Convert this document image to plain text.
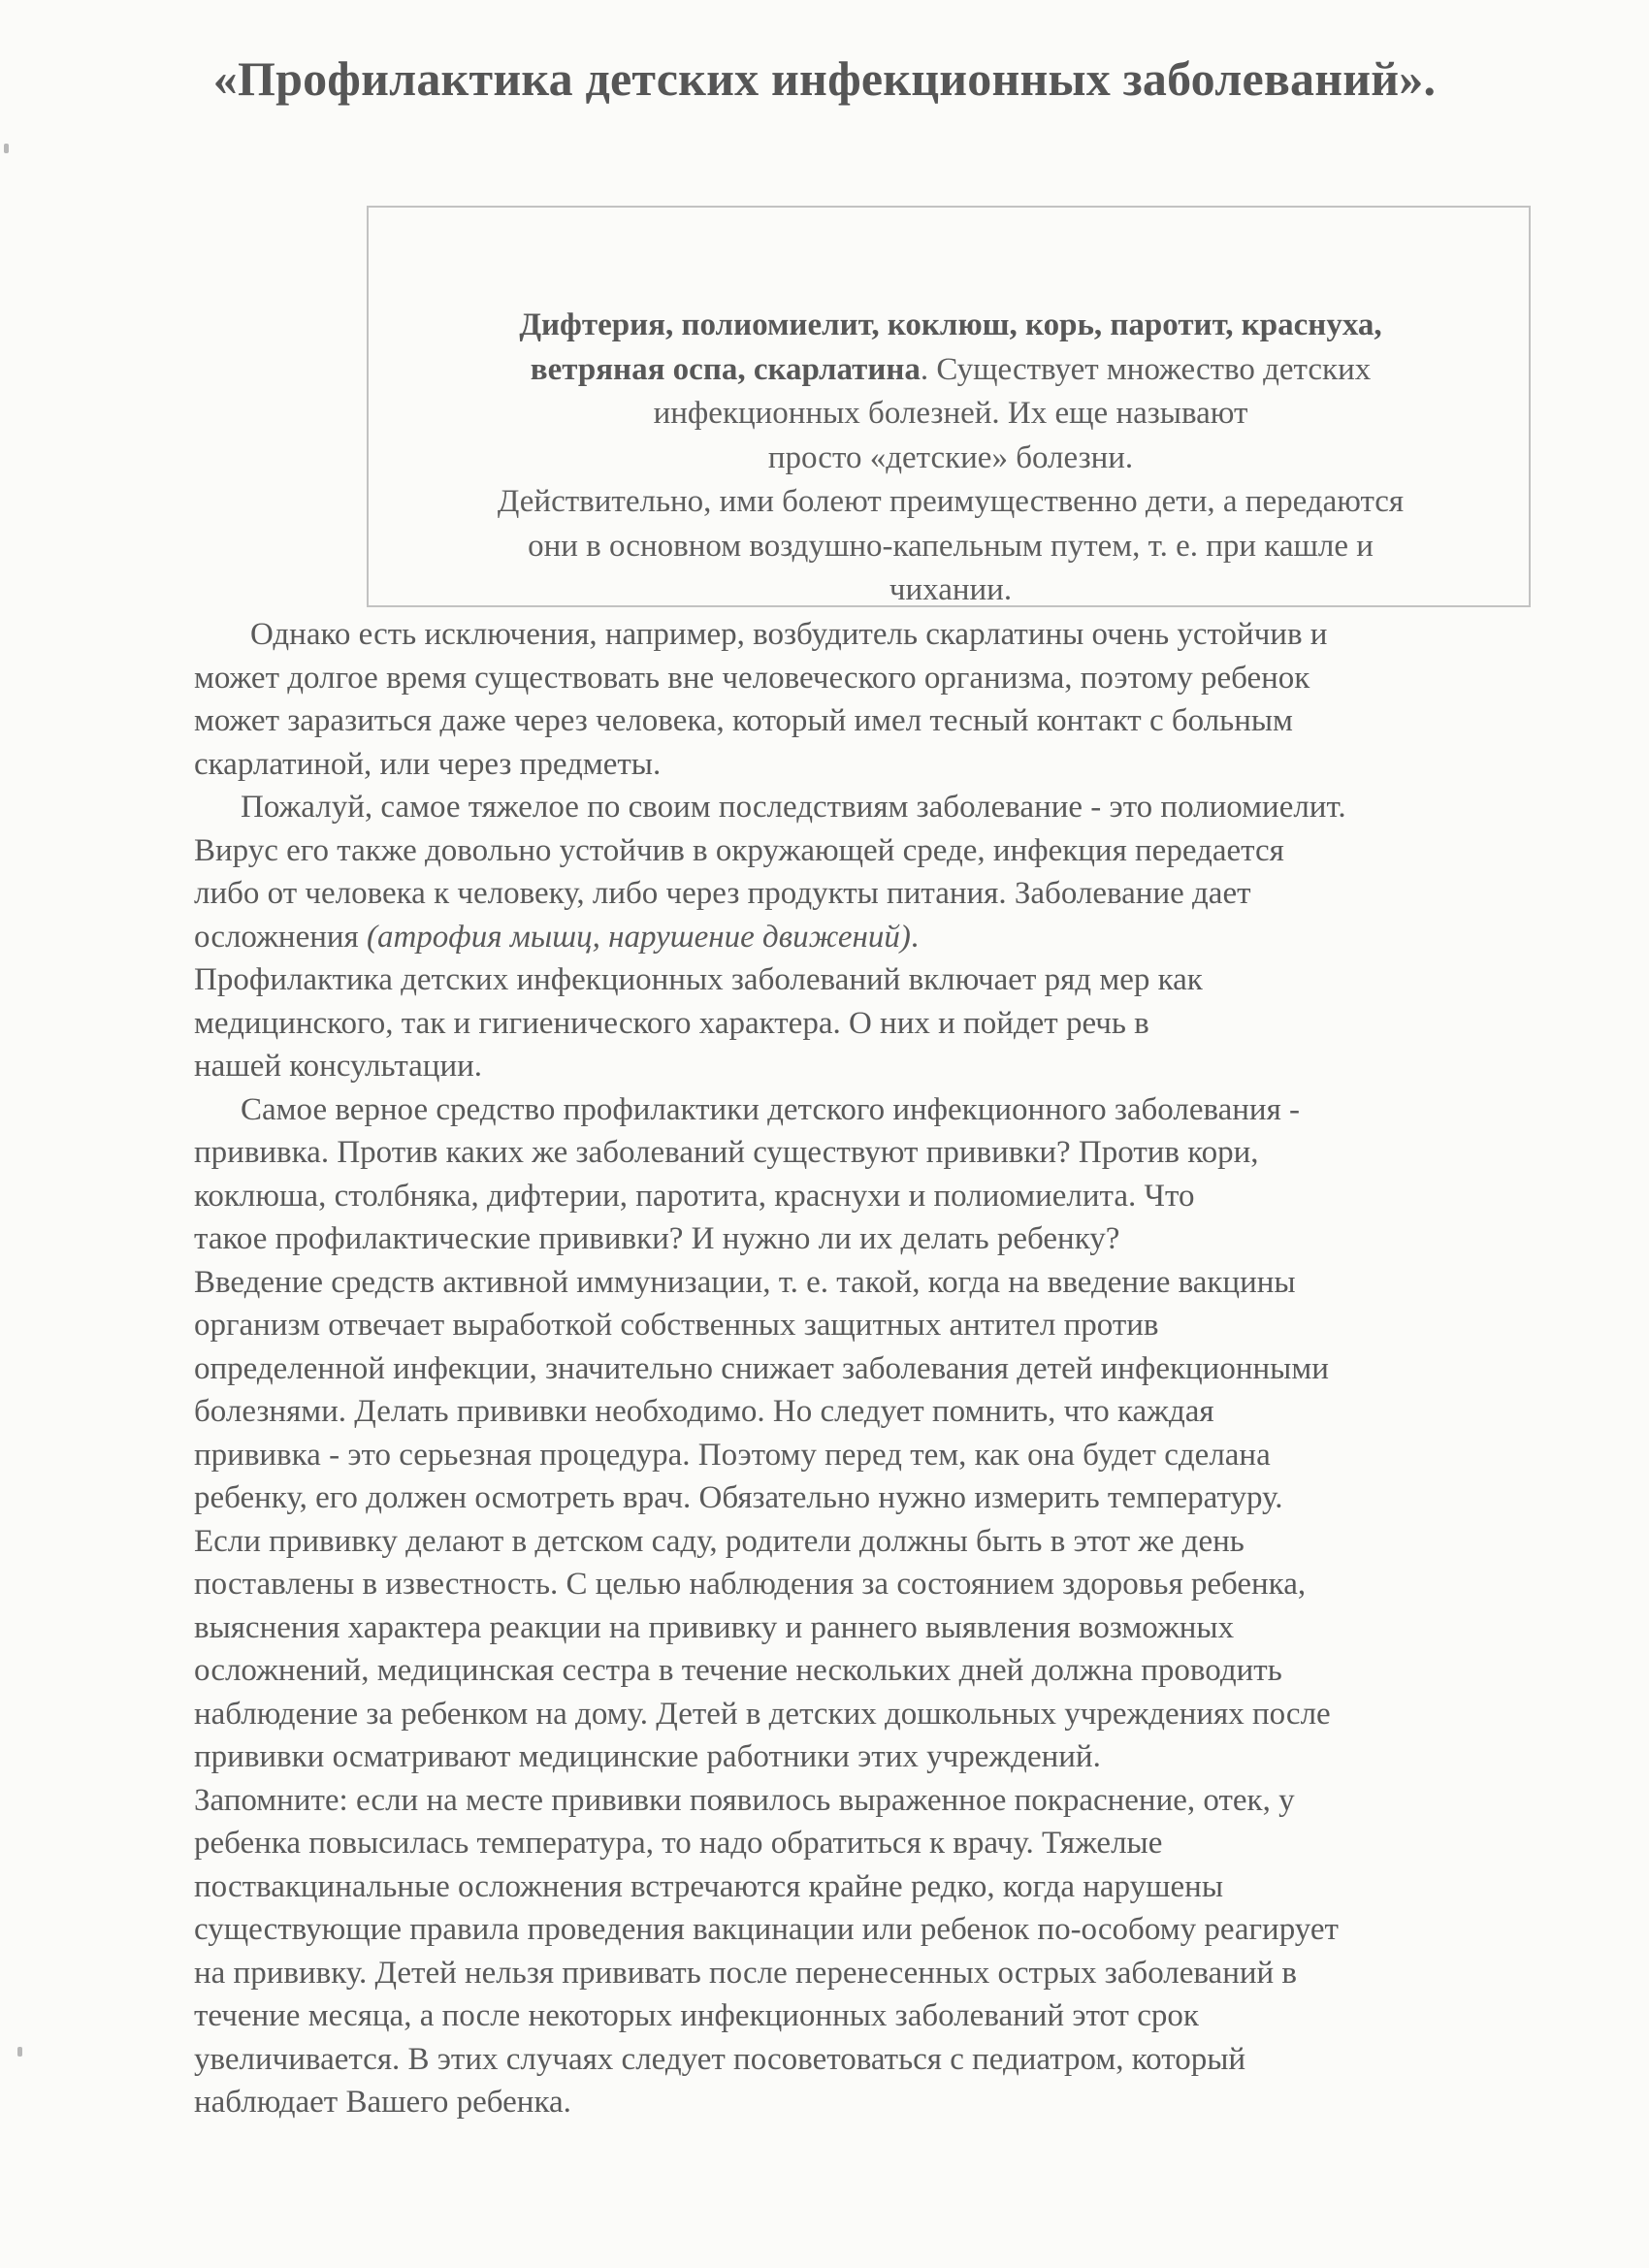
«Профилактика детских инфекционных заболеваний».
Дифтерия, полиомиелит, коклюш, корь, паротит, краснуха,
ветряная оспа, скарлатина. Существует множество детских
инфекционных болезней. Их еще называют
просто «детские» болезни.
Действительно, ими болеют преимущественно дети, а передаются
они в основном воздушно-капельным путем, т. е. при кашле и
чихании.
Однако есть исключения, например, возбудитель скарлатины очень устойчив и
может долгое время существовать вне человеческого организма, поэтому ребенок
может заразиться даже через человека, который имел тесный контакт с больным
скарлатиной, или через предметы.
Пожалуй, самое тяжелое по своим последствиям заболевание - это полиомиелит.
Вирус его также довольно устойчив в окружающей среде, инфекция передается
либо от человека к человеку, либо через продукты питания. Заболевание дает
осложнения (атрофия мышц, нарушение движений).
Профилактика детских инфекционных заболеваний включает ряд мер как
медицинского, так и гигиенического характера. О них и пойдет речь в
нашей консультации.
Самое верное средство профилактики детского инфекционного заболевания -
прививка. Против каких же заболеваний существуют прививки? Против кори,
коклюша, столбняка, дифтерии, паротита, краснухи и полиомиелита. Что
такое профилактические прививки? И нужно ли их делать ребенку?
Введение средств активной иммунизации, т. е. такой, когда на введение вакцины
организм отвечает выработкой собственных защитных антител против
определенной инфекции, значительно снижает заболевания детей инфекционными
болезнями. Делать прививки необходимо. Но следует помнить, что каждая
прививка - это серьезная процедура. Поэтому перед тем, как она будет сделана
ребенку, его должен осмотреть врач. Обязательно нужно измерить температуру.
Если прививку делают в детском саду, родители должны быть в этот же день
поставлены в известность. С целью наблюдения за состоянием здоровья ребенка,
выяснения характера реакции на прививку и раннего выявления возможных
осложнений, медицинская сестра в течение нескольких дней должна проводить
наблюдение за ребенком на дому. Детей в детских дошкольных учреждениях после
прививки осматривают медицинские работники этих учреждений.
Запомните: если на месте прививки появилось выраженное покраснение, отек, у
ребенка повысилась температура, то надо обратиться к врачу. Тяжелые
поствакцинальные осложнения встречаются крайне редко, когда нарушены
существующие правила проведения вакцинации или ребенок по-особому реагирует
на прививку. Детей нельзя прививать после перенесенных острых заболеваний в
течение месяца, а после некоторых инфекционных заболеваний этот срок
увеличивается. В этих случаях следует посоветоваться с педиатром, который
наблюдает Вашего ребенка.
